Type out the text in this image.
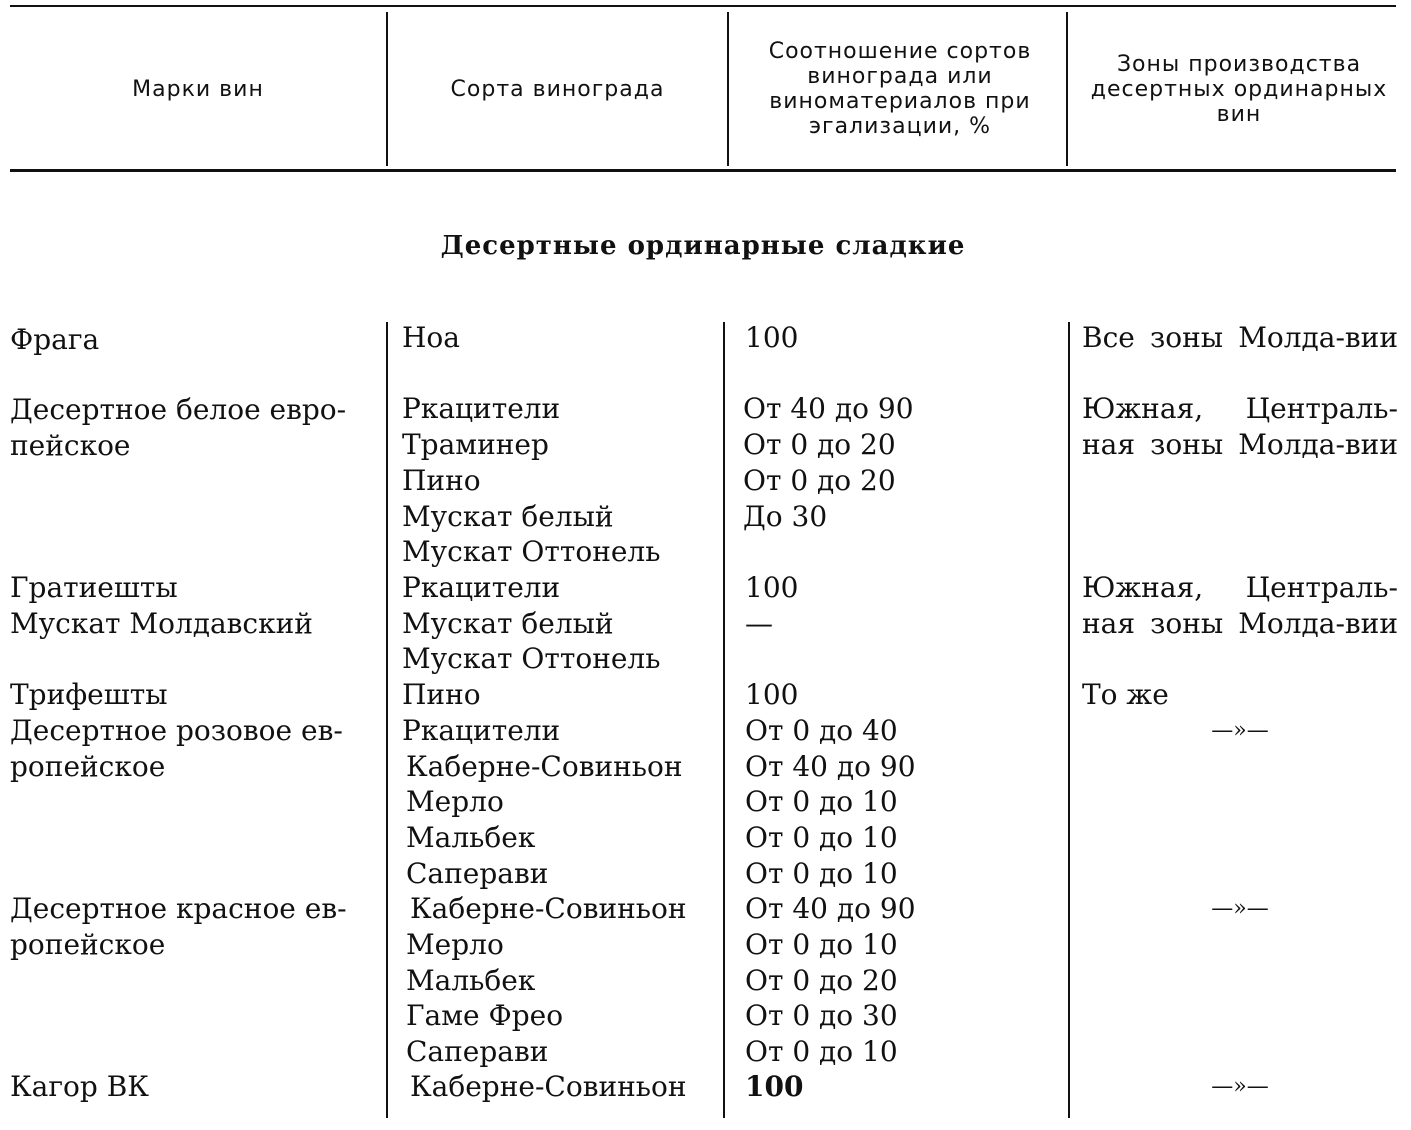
Марки вин	Сорта винограда
Соотношение сортов винограда или виноматериалов при эгализации, %
Зоны производства десертных ординарных вин
Десертные ординарные сладкие
Фрага
Десертное белое евро-
пейское
Гратиешты
Мускат Молдавский
Трифешты
Десертное розовое ев-
ропейское
Десертное красное ев-
ропейское
Кагор ВК
Ноа
Ркацители
Траминер
Пино
Мускат белый
Мускат Оттонель
Ркацители
Мускат белый
Мускат Оттонель
Пино
Ркацители
Каберне-Совиньон
Мерло
Мальбек
Саперави
Каберне-Совиньон
Мерло
Мальбек
Гаме Фрео
Саперави
Каберне-Совиньон
100
От 40 до 90
От 0 до 20
От 0 до 20
До 30
100
—
100
От 0 до 40
От 40 до 90
От 0 до 10
От 0 до 10
От 0 до 10
От 40 до 90
От 0 до 10
От 0 до 20
От 0 до 30
От 0 до 10
100
Все зоны Молда-вии
Южная, Централь-ная зоны Молда-вии
Южная, Централь-ная зоны Молда-вии
То же
—»—
—»—
—»—
